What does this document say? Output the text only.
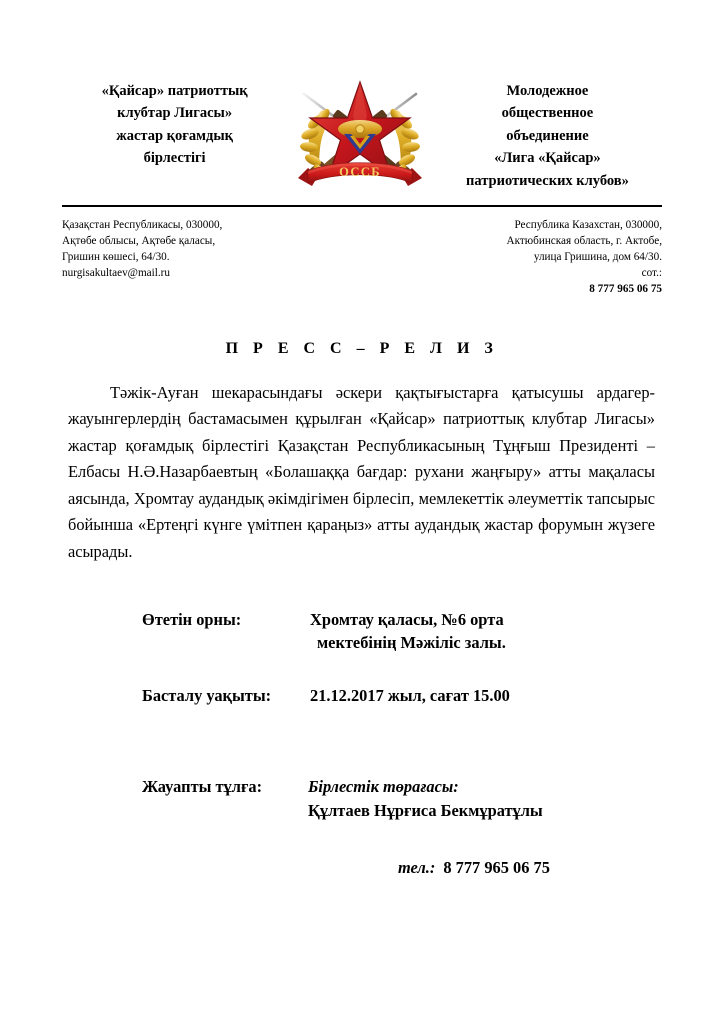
«Қайсар» патриоттық
клубтар Лигасы»
жастар қоғамдық
бірлестігі
ОССБ
Молодежное
общественное
объединение
«Лига «Қайсар»
патриотических клубов»
Қазақстан Республикасы, 030000,
Ақтөбе облысы, Ақтөбе қаласы,
Гришин көшесі, 64/30.
nurgisakultaev@mail.ru
Республика Казахстан, 030000,
Актюбинская область, г. Актобе,
улица Гришина, дом 64/30.
сот.:
8 777 965 06 75
П Р Е С С – Р Е Л И З

Тәжік-Ауған шекарасындағы әскери қақтығыстарға қатысушы ардагер-жауынгерлердің бастамасымен құрылған «Қайсар» патриоттық клубтар Лигасы» жастар қоғамдық бірлестігі Қазақстан Республикасының Тұңғыш Президенті – Елбасы Н.Ә.Назарбаевтың «Болашаққа бағдар: рухани жаңғыру» атты мақаласы аясында, Хромтау аудандық әкімдігімен бірлесіп, мемлекеттік әлеуметтік тапсырыс бойынша «Ертеңгі күнге үмітпен қараңыз» атты аудандық жастар форумын жүзеге асырады.

Өтетін орны:	Хромтау қаласы, №6 орта
мектебінің Мәжіліс залы.
Басталу уақыты: 21.12.2017 жыл, сағат 15.00
Жауапты тұлға:	Бірлестік төрағасы:
Құлтаев Нұрғиса Бекмұратұлы
тел.: 8 777 965 06 75
